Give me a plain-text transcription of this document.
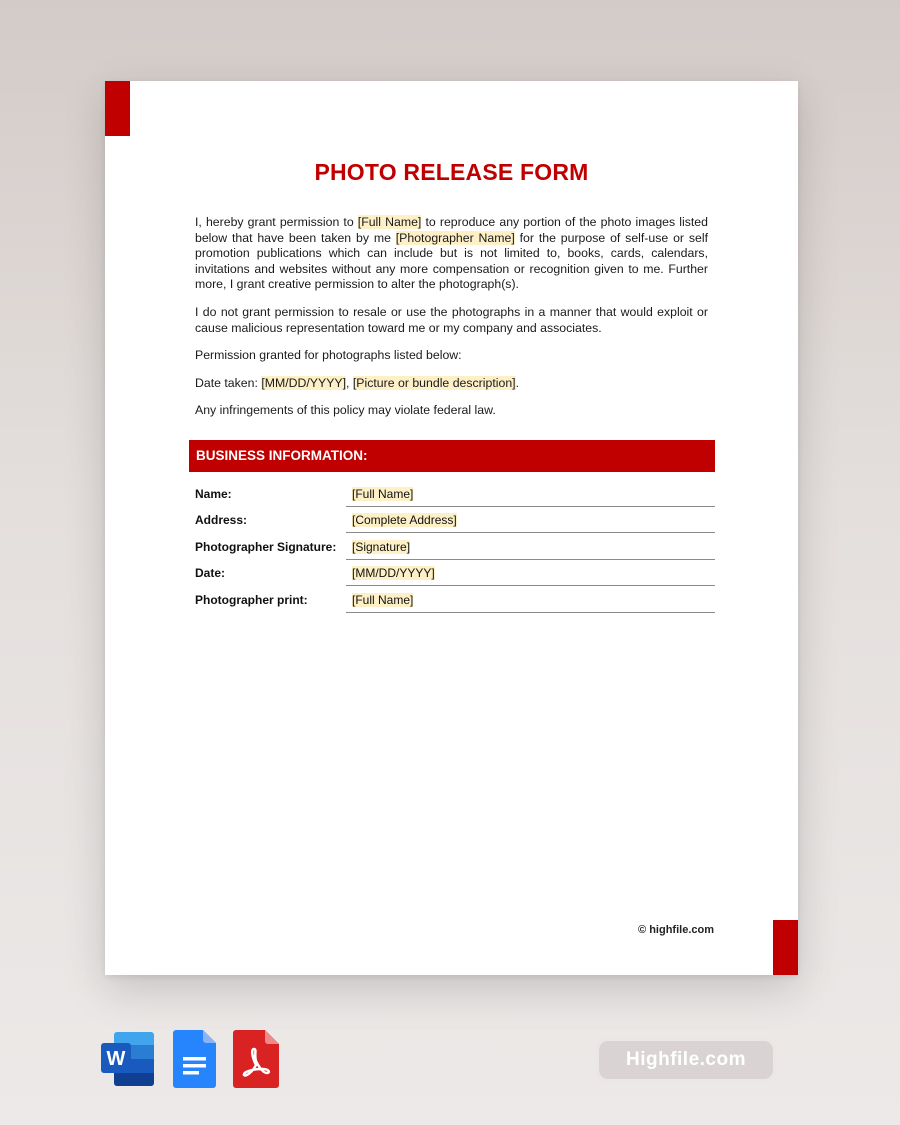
PHOTO RELEASE FORM

I, hereby grant permission to [Full Name] to reproduce any portion of the photo images listed below that have been taken by me [Photographer Name] for the purpose of self-use or self promotion publications which can include but is not limited to, books, cards, calendars, invitations and websites without any more compensation or recognition given to me. Further more, I grant creative permission to alter the photograph(s).

I do not grant permission to resale or use the photographs in a manner that would exploit or cause malicious representation toward me or my company and associates.

Permission granted for photographs listed below:

Date taken: [MM/DD/YYYY], [Picture or bundle description].

Any infringements of this policy may violate federal law.

BUSINESS INFORMATION:
Name:	[Full Name]
Address:	[Complete Address]
Photographer Signature: [Signature]
Date:	[MM/DD/YYYY]
Photographer print:	[Full Name]
© highfile.com
W	Highfile.com
